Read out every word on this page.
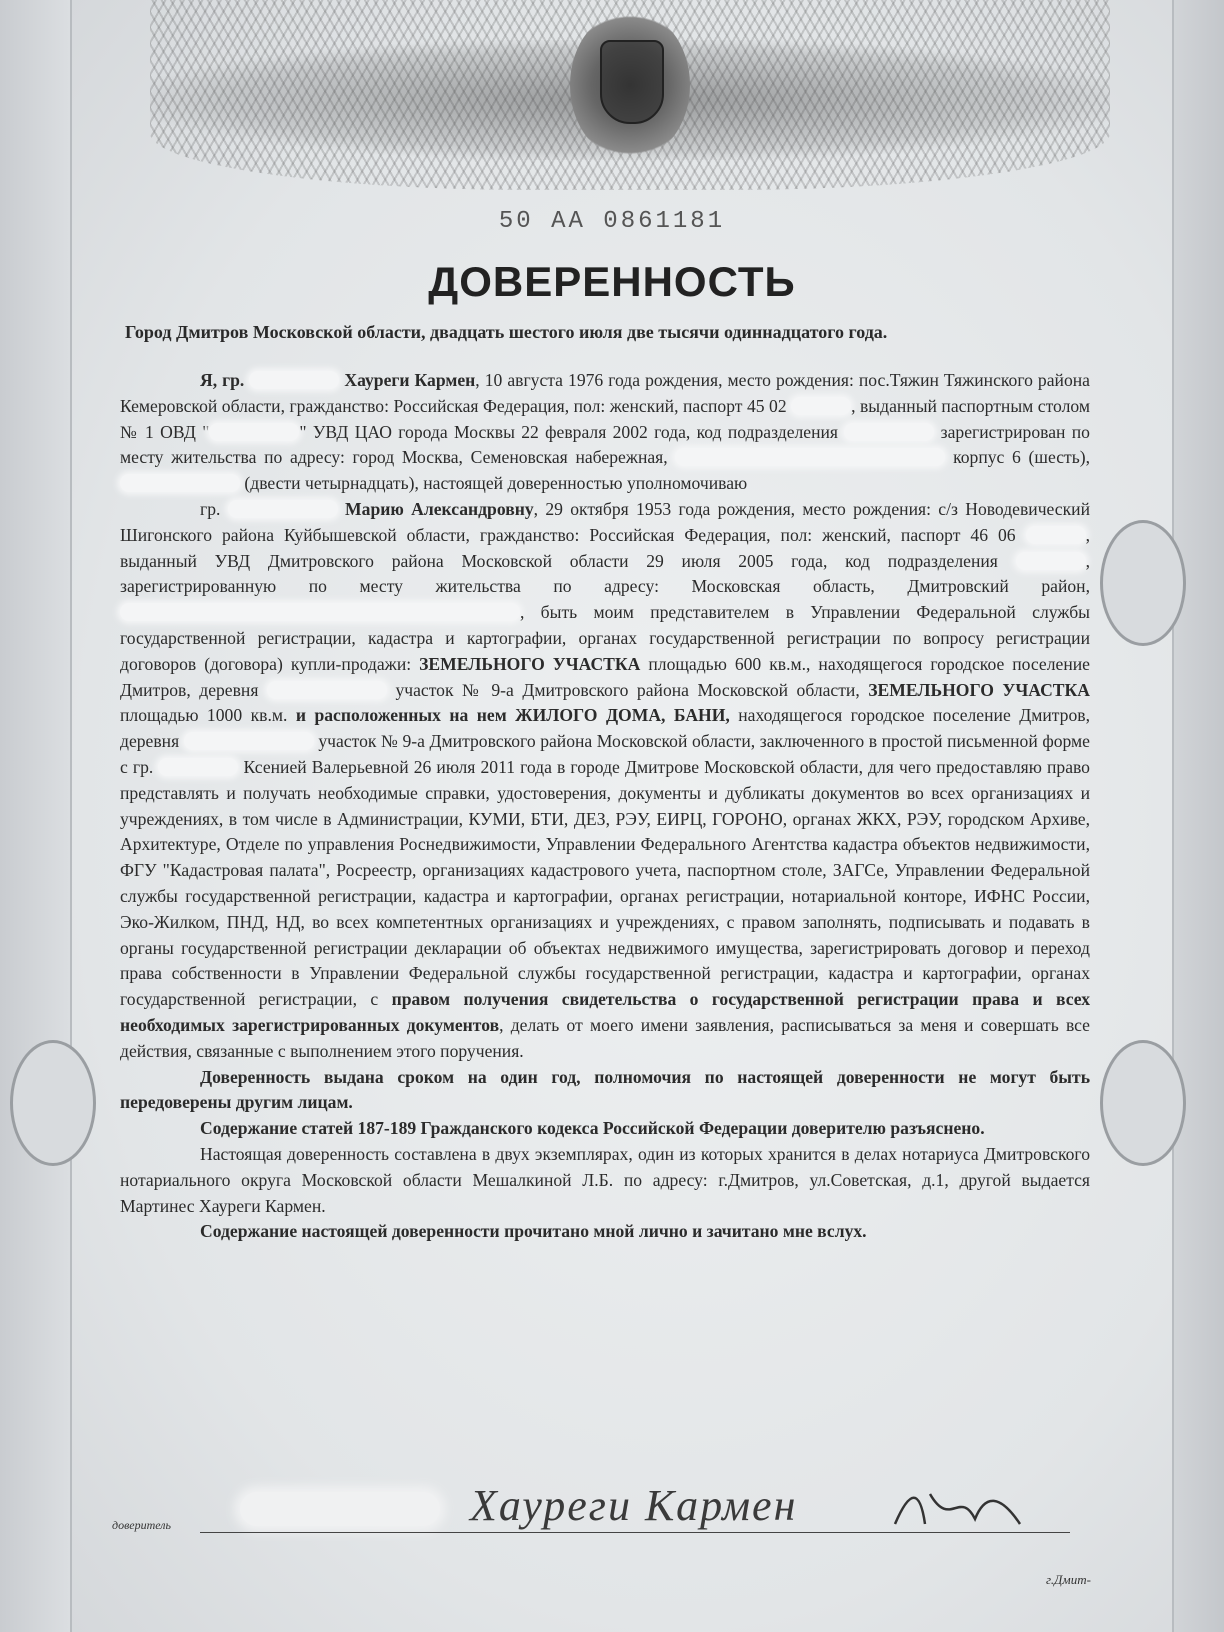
50 АА 0861181
ДОВЕРЕННОСТЬ
Город Дмитров Московской области, двадцать шестого июля две тысячи одиннадцатого года.

Я, гр.	Хауреги Кармен, 10 августа 1976 года рождения, место рождения: пос.Тяжин Тяжинского района Кемеровской области, гражданство: Российская Федерация, пол: женский, паспорт 45 02	, выданный паспортным столом № 1 ОВД "	" УВД ЦАО города Москвы 22 февраля 2002 года, код подразделения	зарегистрирован по месту жительства по адресу: город Москва, Семеновская набережная,	корпус 6 (шесть),  (двести четырнадцать), настоящей доверенностью уполномочиваю

гр.	Марию Александровну, 29 октября 1953 года рождения, место рождения: с/з Новодевический Шигонского района Куйбышевской области, гражданство: Российская Федерация, пол: женский, паспорт 46 06	, выданный УВД Дмитровского района Московской области 29 июля 2005 года, код подразделения	, зарегистрированную по месту жительства по адресу: Московская область, Дмитровский район, , быть моим представителем в Управлении Федеральной службы государственной регистрации, кадастра и картографии, органах государственной регистрации по вопросу регистрации договоров (договора) купли-продажи: ЗЕМЕЛЬНОГО УЧАСТКА площадью 600 кв.м., находящегося городское поселение Дмитров, деревня	участок № 9-а Дмитровского района Московской области, ЗЕМЕЛЬНОГО УЧАСТКА площадью 1000 кв.м. и расположенных на нем ЖИЛОГО ДОМА, БАНИ, находящегося городское поселение Дмитров, деревня	участок № 9-а Дмитровского района Московской области, заключенного в простой письменной форме с гр.	Ксенией Валерьевной 26 июля 2011 года в городе Дмитрове Московской области, для чего предоставляю право представлять и получать необходимые справки, удостоверения, документы и дубликаты документов во всех организациях и учреждениях, в том числе в Администрации, КУМИ, БТИ, ДЕЗ, РЭУ, ЕИРЦ, ГОРОНО, органах ЖКХ, РЭУ, городском Архиве, Архитектуре, Отделе по управления Роснедвижимости, Управлении Федерального Агентства кадастра объектов недвижимости, ФГУ "Кадастровая палата", Росреестр, организациях кадастрового учета, паспортном столе, ЗАГСе, Управлении Федеральной службы государственной регистрации, кадастра и картографии, органах регистрации, нотариальной конторе, ИФНС России, Эко-Жилком, ПНД, НД, во всех компетентных организациях и учреждениях, с правом заполнять, подписывать и подавать в органы государственной регистрации декларации об объектах недвижимого имущества, зарегистрировать договор и переход права собственности в Управлении Федеральной службы государственной регистрации, кадастра и картографии, органах государственной регистрации, с правом получения свидетельства о государственной регистрации права и всех необходимых зарегистрированных документов, делать от моего имени заявления, расписываться за меня и совершать все действия, связанные с выполнением этого поручения.

Доверенность выдана сроком на один год, полномочия по настоящей доверенности не могут быть передоверены другим лицам.

Содержание статей 187-189 Гражданского кодекса Российской Федерации доверителю разъяснено.

Настоящая доверенность составлена в двух экземплярах, один из которых хранится в делах нотариуса Дмитровского нотариального округа Московской области Мешалкиной Л.Б. по адресу: г.Дмитров, ул.Советская, д.1, другой выдается Мартинес Хауреги Кармен.

Содержание настоящей доверенности прочитано мной лично и зачитано мне вслух.

доверитель	Хауреги Кармен
г.Дмит-
